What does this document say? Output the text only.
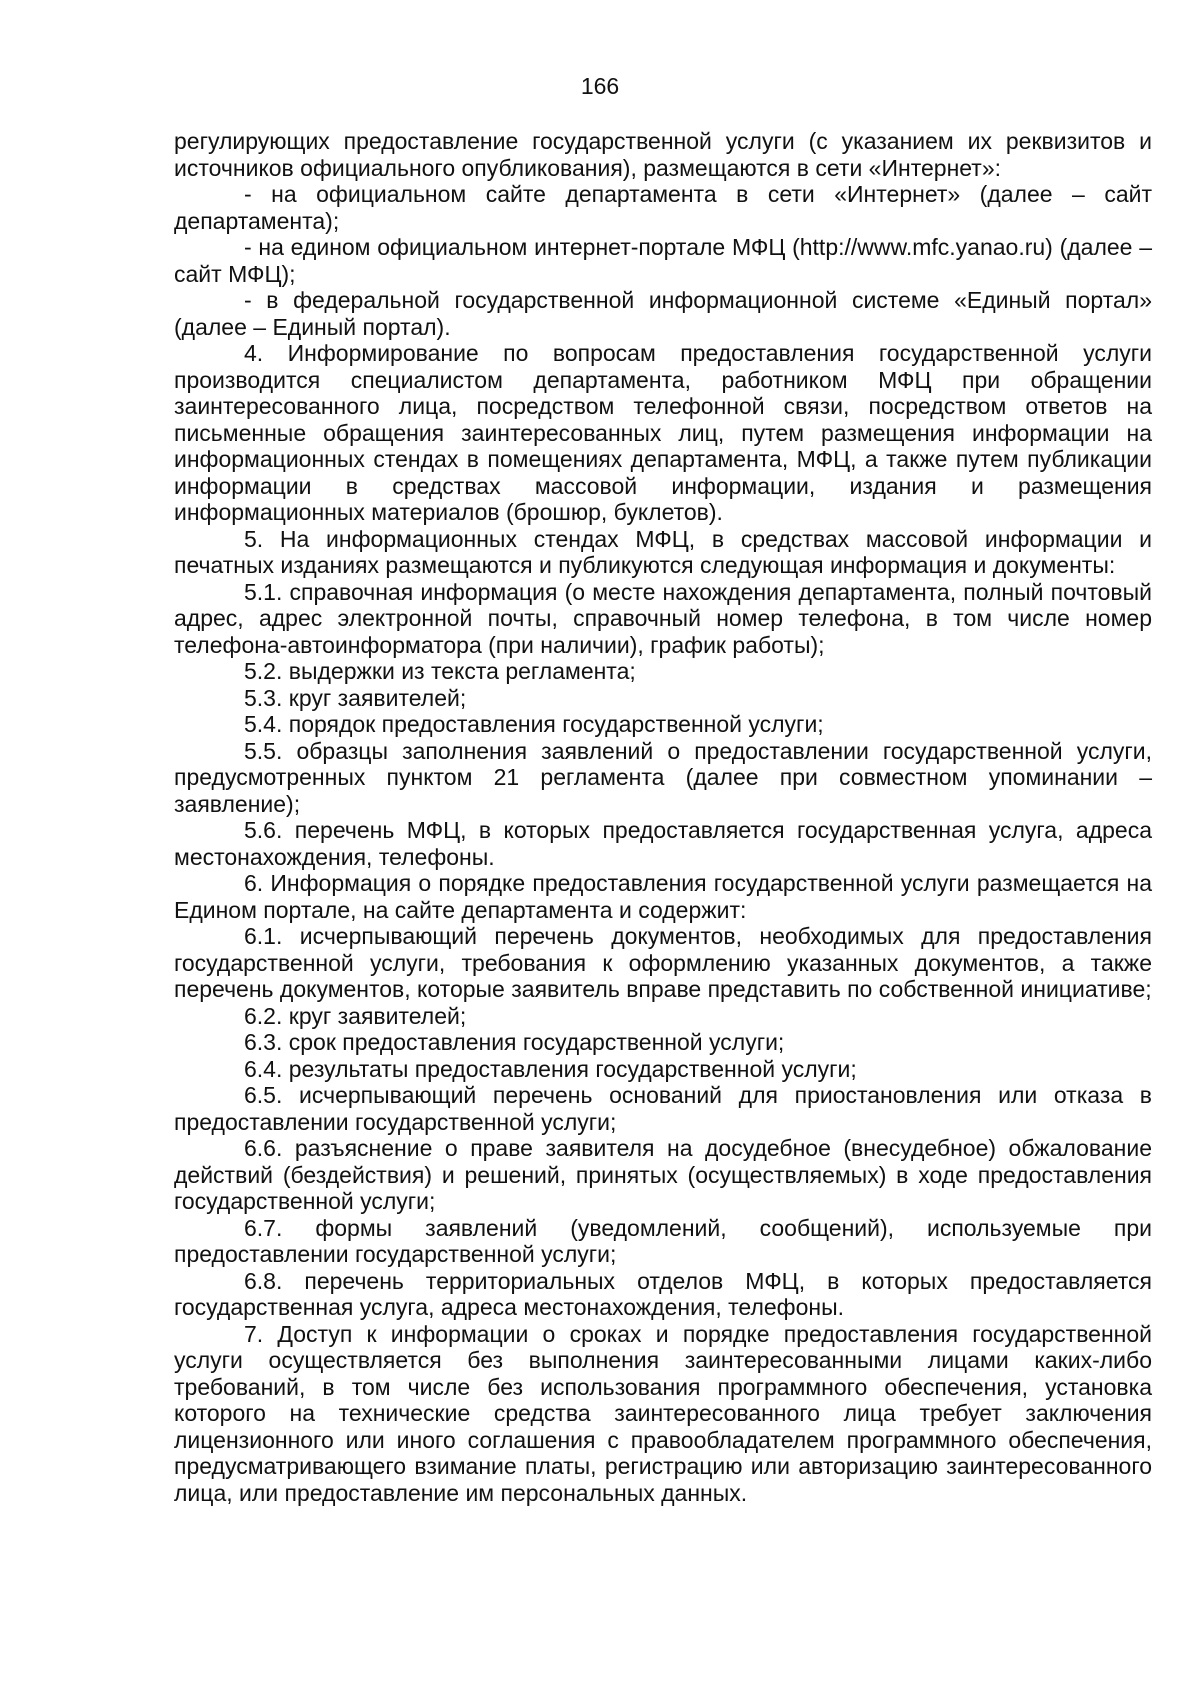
166

регулирующих предоставление государственной услуги (с указанием их реквизитов и источников официального опубликования), размещаются в сети «Интернет»:

- на официальном сайте департамента в сети «Интернет» (далее – сайт департамента);

- на едином официальном интернет-портале МФЦ (http://www.mfc.yanao.ru) (далее – сайт МФЦ);

- в федеральной государственной информационной системе «Единый портал» (далее – Единый портал).

4. Информирование по вопросам предоставления государственной услуги производится специалистом департамента, работником МФЦ при обращении заинтересованного лица, посредством телефонной связи, посредством ответов на письменные обращения заинтересованных лиц, путем размещения информации на информационных стендах в помещениях департамента, МФЦ, а также путем публикации информации в средствах массовой информации, издания и размещения информационных материалов (брошюр, буклетов).

5. На информационных стендах МФЦ, в средствах массовой информации и печатных изданиях размещаются и публикуются следующая информация и документы:

5.1. справочная информация (о месте нахождения департамента, полный почтовый адрес, адрес электронной почты, справочный номер телефона, в том числе номер телефона-автоинформатора (при наличии), график работы);

5.2. выдержки из текста регламента;

5.3. круг заявителей;

5.4. порядок предоставления государственной услуги;

5.5. образцы заполнения заявлений о предоставлении государственной услуги, предусмотренных пунктом 21 регламента (далее при совместном упоминании – заявление);

5.6. перечень МФЦ, в которых предоставляется государственная услуга, адреса местонахождения, телефоны.

6. Информация о порядке предоставления государственной услуги размещается на Едином портале, на сайте департамента и содержит:

6.1. исчерпывающий перечень документов, необходимых для предоставления государственной услуги, требования к оформлению указанных документов, а также перечень документов, которые заявитель вправе представить по собственной инициативе;

6.2. круг заявителей;

6.3. срок предоставления государственной услуги;

6.4. результаты предоставления государственной услуги;

6.5. исчерпывающий перечень оснований для приостановления или отказа в предоставлении государственной услуги;

6.6. разъяснение о праве заявителя на досудебное (внесудебное) обжалование действий (бездействия) и решений, принятых (осуществляемых) в ходе предоставления государственной услуги;

6.7. формы заявлений (уведомлений, сообщений), используемые при предоставлении государственной услуги;

6.8. перечень территориальных отделов МФЦ, в которых предоставляется государственная услуга, адреса местонахождения, телефоны.

7. Доступ к информации о сроках и порядке предоставления государственной услуги осуществляется без выполнения заинтересованными лицами каких-либо требований, в том числе без использования программного обеспечения, установка которого на технические средства заинтересованного лица требует заключения лицензионного или иного соглашения с правообладателем программного обеспечения, предусматривающего взимание платы, регистрацию или авторизацию заинтересованного лица, или предоставление им персональных данных.
